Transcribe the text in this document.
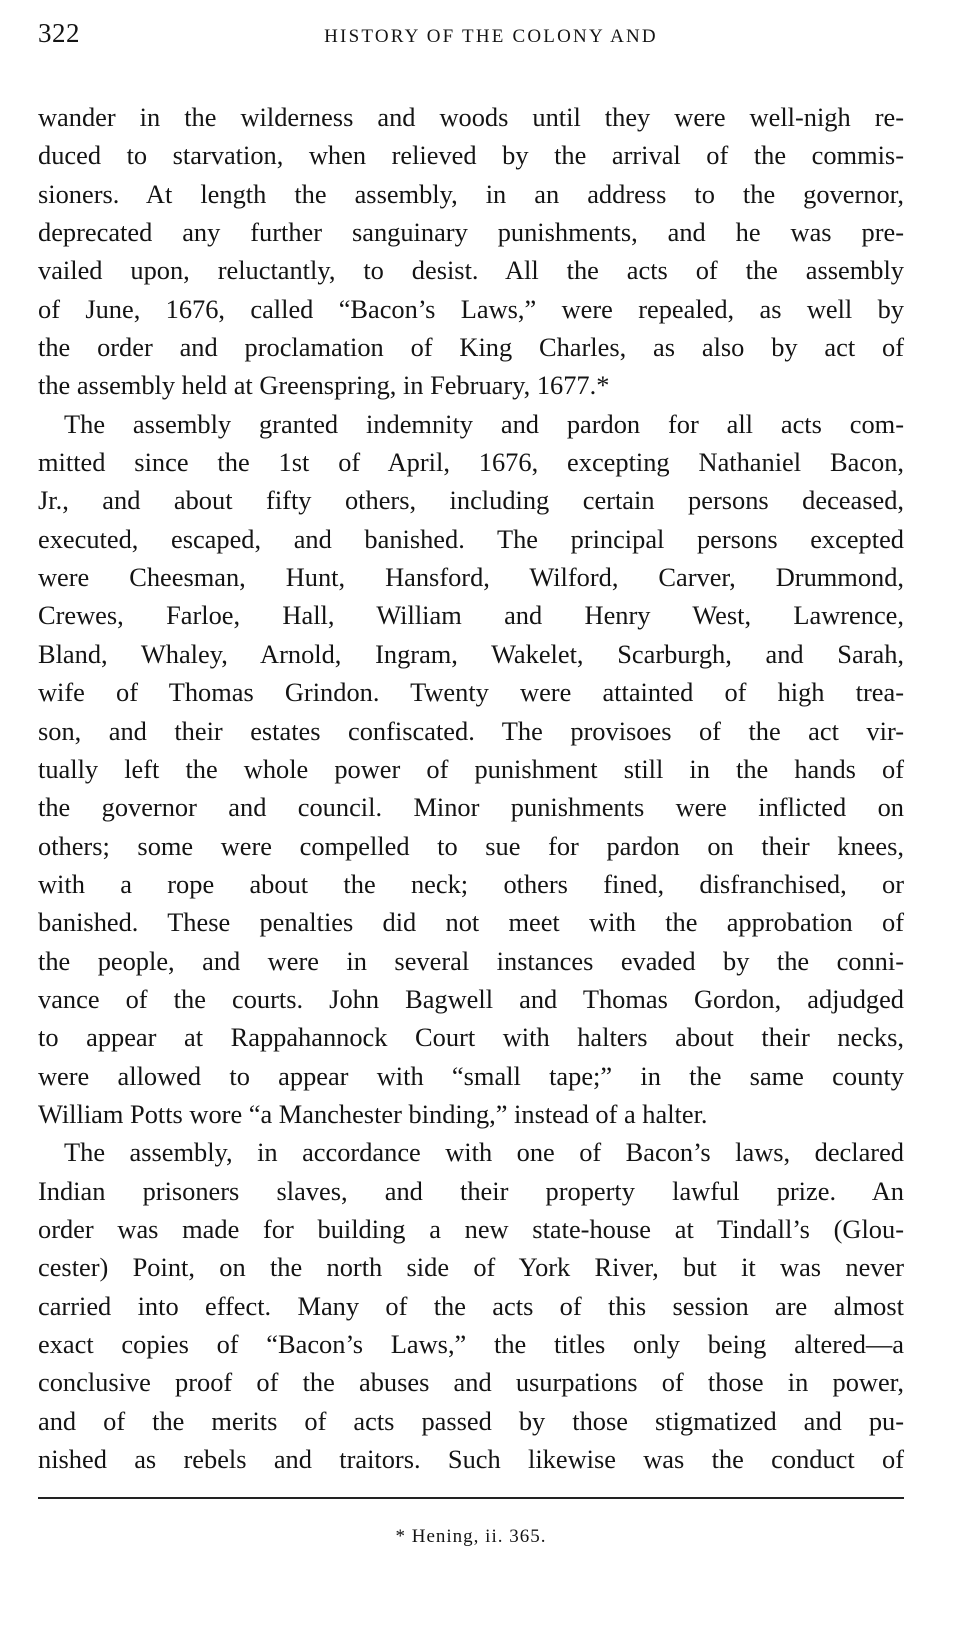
322	HISTORY OF THE COLONY AND

wander in the wilderness and woods until they were well-nigh re-
duced to starvation, when relieved by the arrival of the commis-
sioners. At length the assembly, in an address to the governor,
deprecated any further sanguinary punishments, and he was pre-
vailed upon, reluctantly, to desist. All the acts of the assembly
of June, 1676, called “Bacon’s Laws,” were repealed, as well by
the order and proclamation of King Charles, as also by act of
the assembly held at Greenspring, in February, 1677.*

The assembly granted indemnity and pardon for all acts com-
mitted since the 1st of April, 1676, excepting Nathaniel Bacon,
Jr., and about fifty others, including certain persons deceased,
executed, escaped, and banished. The principal persons excepted
were Cheesman, Hunt, Hansford, Wilford, Carver, Drummond,
Crewes, Farloe, Hall, William and Henry West, Lawrence,
Bland, Whaley, Arnold, Ingram, Wakelet, Scarburgh, and Sarah,
wife of Thomas Grindon. Twenty were attainted of high trea-
son, and their estates confiscated. The provisoes of the act vir-
tually left the whole power of punishment still in the hands of
the governor and council. Minor punishments were inflicted on
others; some were compelled to sue for pardon on their knees,
with a rope about the neck; others fined, disfranchised, or
banished. These penalties did not meet with the approbation of
the people, and were in several instances evaded by the conni-
vance of the courts. John Bagwell and Thomas Gordon, adjudged
to appear at Rappahannock Court with halters about their necks,
were allowed to appear with “small tape;” in the same county
William Potts wore “a Manchester binding,” instead of a halter.

The assembly, in accordance with one of Bacon’s laws, declared
Indian prisoners slaves, and their property lawful prize. An
order was made for building a new state-house at Tindall’s (Glou-
cester) Point, on the north side of York River, but it was never
carried into effect. Many of the acts of this session are almost
exact copies of “Bacon’s Laws,” the titles only being altered—a
conclusive proof of the abuses and usurpations of those in power,
and of the merits of acts passed by those stigmatized and pu-
nished as rebels and traitors. Such likewise was the conduct of

* Hening, ii. 365.
